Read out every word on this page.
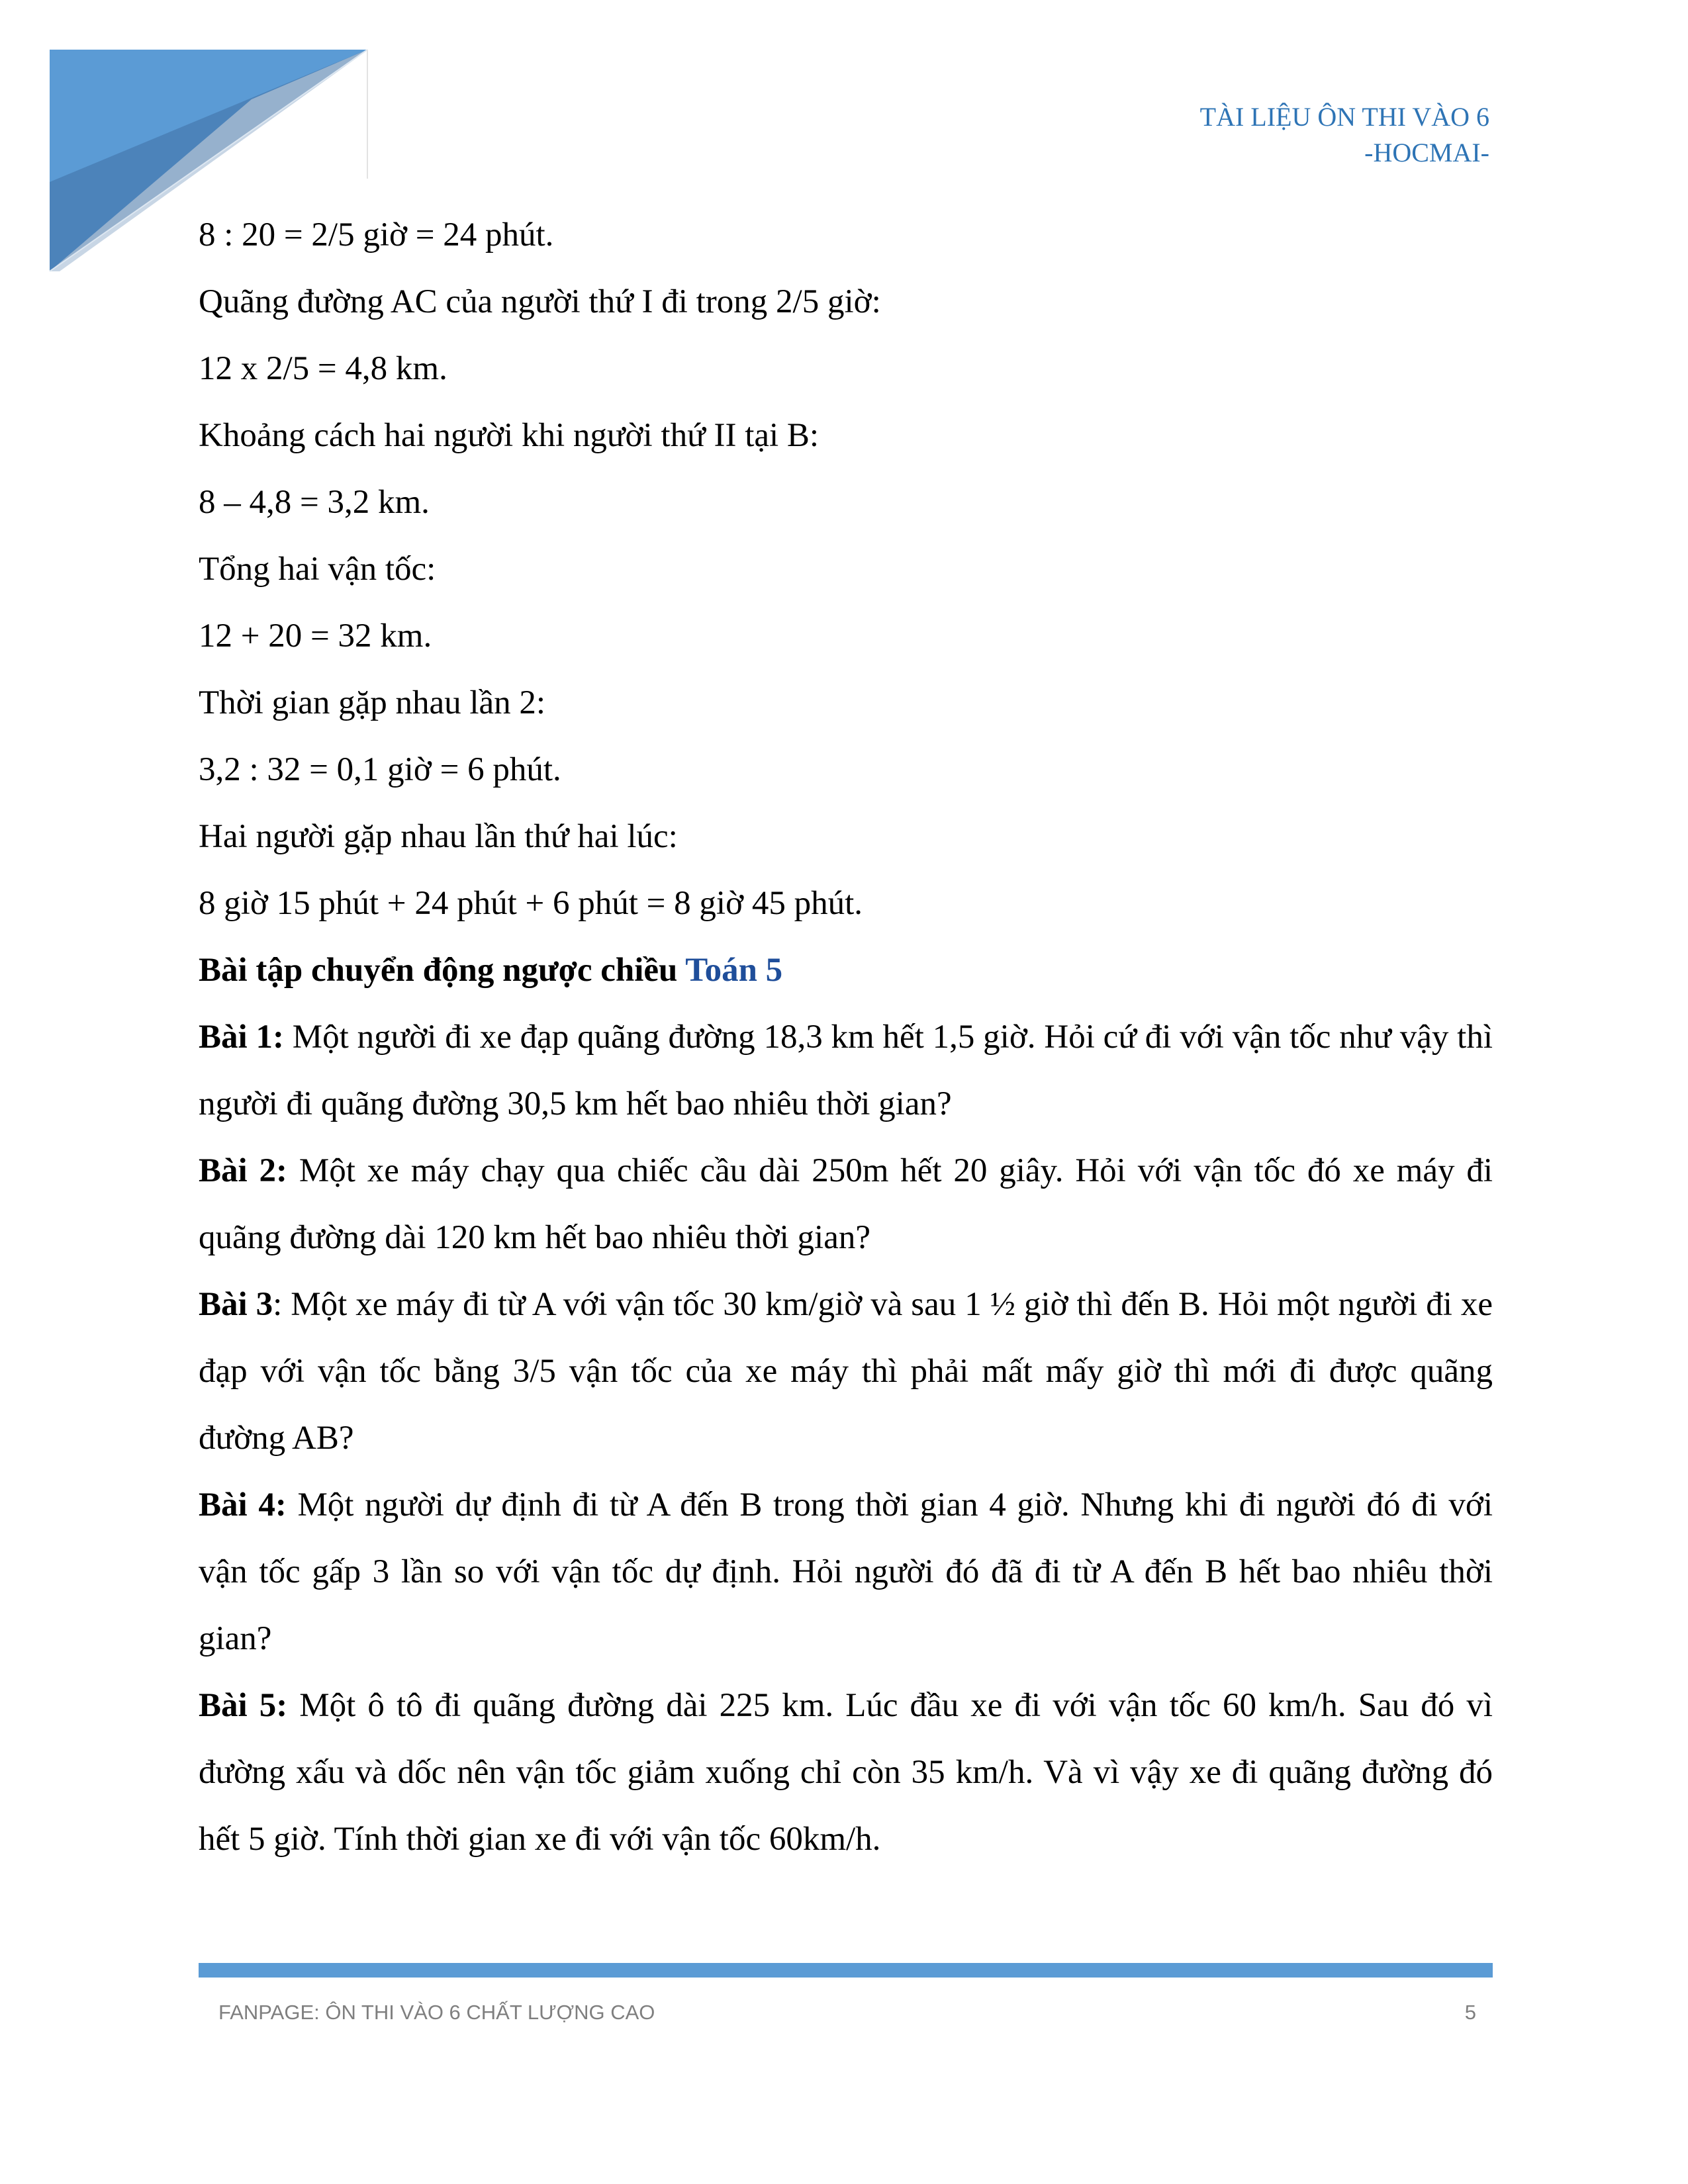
TÀI LIỆU ÔN THI VÀO 6
-HOCMAI-

8 : 20 = 2/5 giờ = 24 phút.

Quãng đường AC của người thứ I đi trong 2/5 giờ:

12 x 2/5 = 4,8 km.

Khoảng cách hai người khi người thứ II tại B:

8 – 4,8 = 3,2 km.

Tổng hai vận tốc:

12 + 20 = 32 km.

Thời gian gặp nhau lần 2:

3,2 : 32 = 0,1 giờ = 6 phút.

Hai người gặp nhau lần thứ hai lúc:

8 giờ 15 phút + 24 phút + 6 phút = 8 giờ 45 phút.

Bài tập chuyển động ngược chiều Toán 5

Bài 1: Một người đi xe đạp quãng đường 18,3 km hết 1,5 giờ. Hỏi cứ đi với vận tốc như vậy thì người đi quãng đường 30,5 km hết bao nhiêu thời gian?

Bài 2: Một xe máy chạy qua chiếc cầu dài 250m hết 20 giây. Hỏi với vận tốc đó xe máy đi quãng đường dài 120 km hết bao nhiêu thời gian?

Bài 3: Một xe máy đi từ A với vận tốc 30 km/giờ và sau 1 ½ giờ thì đến B. Hỏi một người đi xe đạp với vận tốc bằng 3/5 vận tốc của xe máy thì phải mất mấy giờ thì mới đi được quãng đường AB?

Bài 4: Một người dự định đi từ A đến B trong thời gian 4 giờ. Nhưng khi đi người đó đi với vận tốc gấp 3 lần so với vận tốc dự định. Hỏi người đó đã đi từ A đến B hết bao nhiêu thời gian?

Bài 5: Một ô tô đi quãng đường dài 225 km. Lúc đầu xe đi với vận tốc 60 km/h. Sau đó vì đường xấu và dốc nên vận tốc giảm xuống chỉ còn 35 km/h. Và vì vậy xe đi quãng đường đó hết 5 giờ. Tính thời gian xe đi với vận tốc 60km/h.

FANPAGE: ÔN THI VÀO 6 CHẤT LƯỢNG CAO	5
